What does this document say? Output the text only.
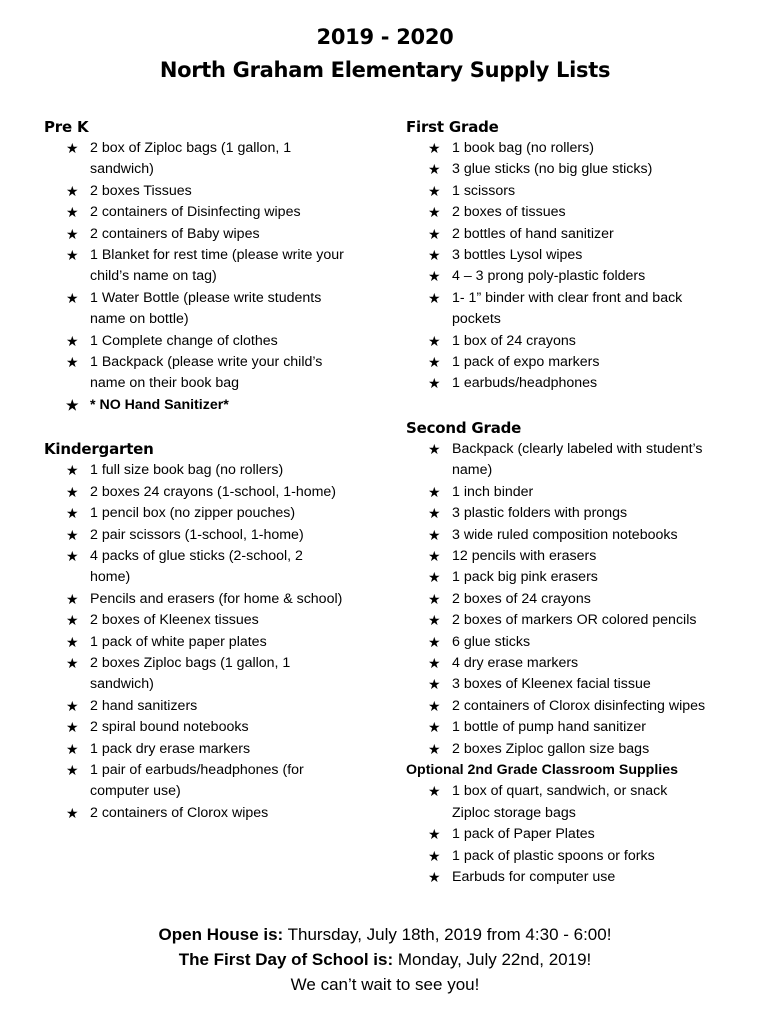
2019 - 2020
North Graham Elementary Supply Lists
Pre K
★ 2 box of Ziploc bags (1 gallon, 1
sandwich)
★ 2 boxes Tissues
★ 2 containers of Disinfecting wipes
★ 2 containers of Baby wipes
★ 1 Blanket for rest time (please write your
child’s name on tag)
★ 1 Water Bottle (please write students
name on bottle)
★ 1 Complete change of clothes
★ 1 Backpack (please write your child’s
name on their book bag
★ * NO Hand Sanitizer*
Kindergarten
★ 1 full size book bag (no rollers)
★ 2 boxes 24 crayons (1-school, 1-home)
★ 1 pencil box (no zipper pouches)
★ 2 pair scissors (1-school, 1-home)
★ 4 packs of glue sticks (2-school, 2
home)
★ Pencils and erasers (for home & school)
★ 2 boxes of Kleenex tissues
★ 1 pack of white paper plates
★ 2 boxes Ziploc bags (1 gallon, 1
sandwich)
★ 2 hand sanitizers
★ 2 spiral bound notebooks
★ 1 pack dry erase markers
★ 1 pair of earbuds/headphones (for
computer use)
★ 2 containers of Clorox wipes
First Grade
★ 1 book bag (no rollers)
★ 3 glue sticks (no big glue sticks)
★ 1 scissors
★ 2 boxes of tissues
★ 2 bottles of hand sanitizer
★ 3 bottles Lysol wipes
★ 4 – 3 prong poly-plastic folders
★ 1- 1” binder with clear front and back
pockets
★ 1 box of 24 crayons
★ 1 pack of expo markers
★ 1 earbuds/headphones
Second Grade
★ Backpack (clearly labeled with student’s
name)
★ 1 inch binder
★ 3 plastic folders with prongs
★ 3 wide ruled composition notebooks
★ 12 pencils with erasers
★ 1 pack big pink erasers
★ 2 boxes of 24 crayons
★ 2 boxes of markers OR colored pencils
★ 6 glue sticks
★ 4 dry erase markers
★ 3 boxes of Kleenex facial tissue
★ 2 containers of Clorox disinfecting wipes
★ 1 bottle of pump hand sanitizer
★ 2 boxes Ziploc gallon size bags
Optional 2nd Grade Classroom Supplies
★ 1 box of quart, sandwich, or snack
Ziploc storage bags
★ 1 pack of Paper Plates
★ 1 pack of plastic spoons or forks
★ Earbuds for computer use
Open House is: Thursday, July 18th, 2019 from 4:30 - 6:00!
The First Day of School is: Monday, July 22nd, 2019!
We can’t wait to see you!
